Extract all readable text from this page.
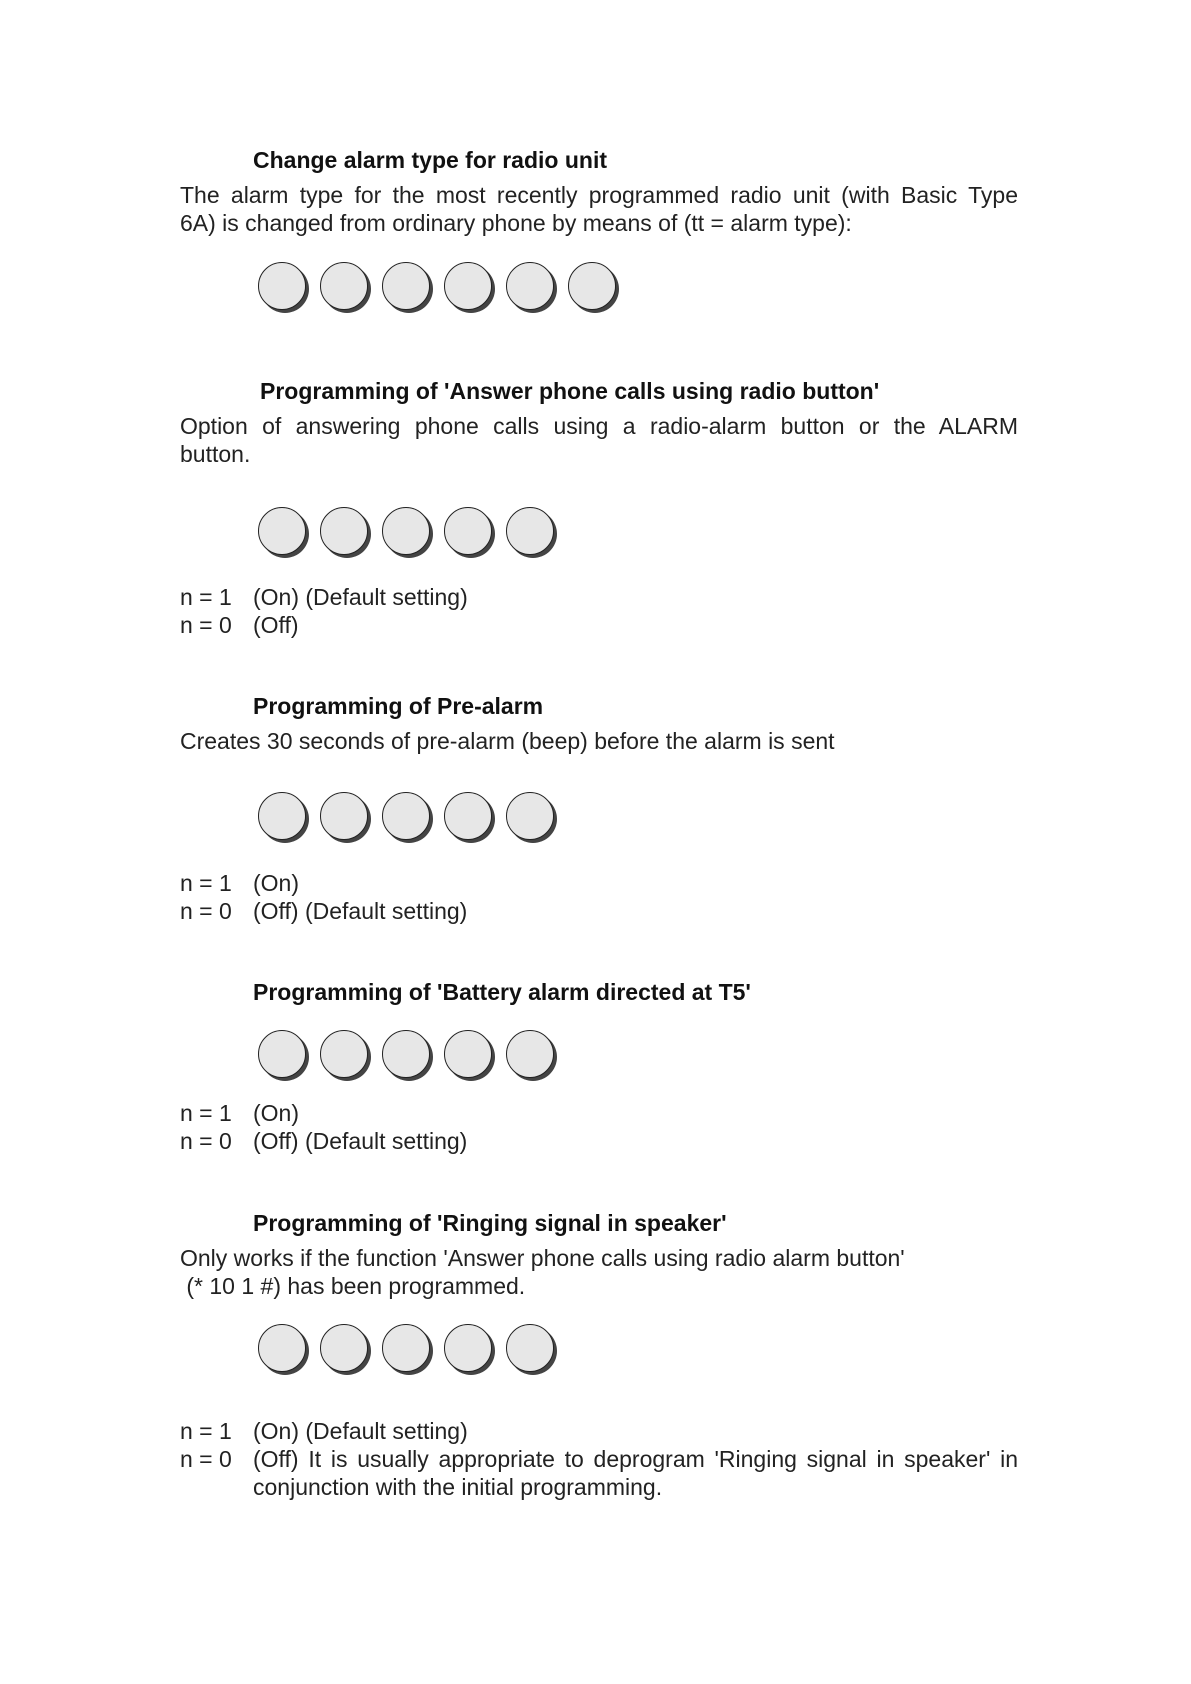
Change alarm type for radio unit
The alarm type for the most recently programmed radio unit (with Basic Type
6A) is changed from ordinary phone by means of (tt = alarm type):
Programming of 'Answer phone calls using radio button'
Option of answering phone calls using a radio-alarm button or the ALARM
button.
n = 1 (On) (Default setting)
n = 0 (Off)
Programming of Pre-alarm
Creates 30 seconds of pre-alarm (beep) before the alarm is sent
n = 1 (On)
n = 0 (Off) (Default setting)
Programming of 'Battery alarm directed at T5'
n = 1 (On)
n = 0 (Off) (Default setting)
Programming of 'Ringing signal in speaker'
Only works if the function 'Answer phone calls using radio alarm button'
(* 10 1 #) has been programmed.
n = 1 (On) (Default setting)
n = 0 (Off) It is usually appropriate to deprogram 'Ringing signal in speaker' in conjunction with the initial programming.
